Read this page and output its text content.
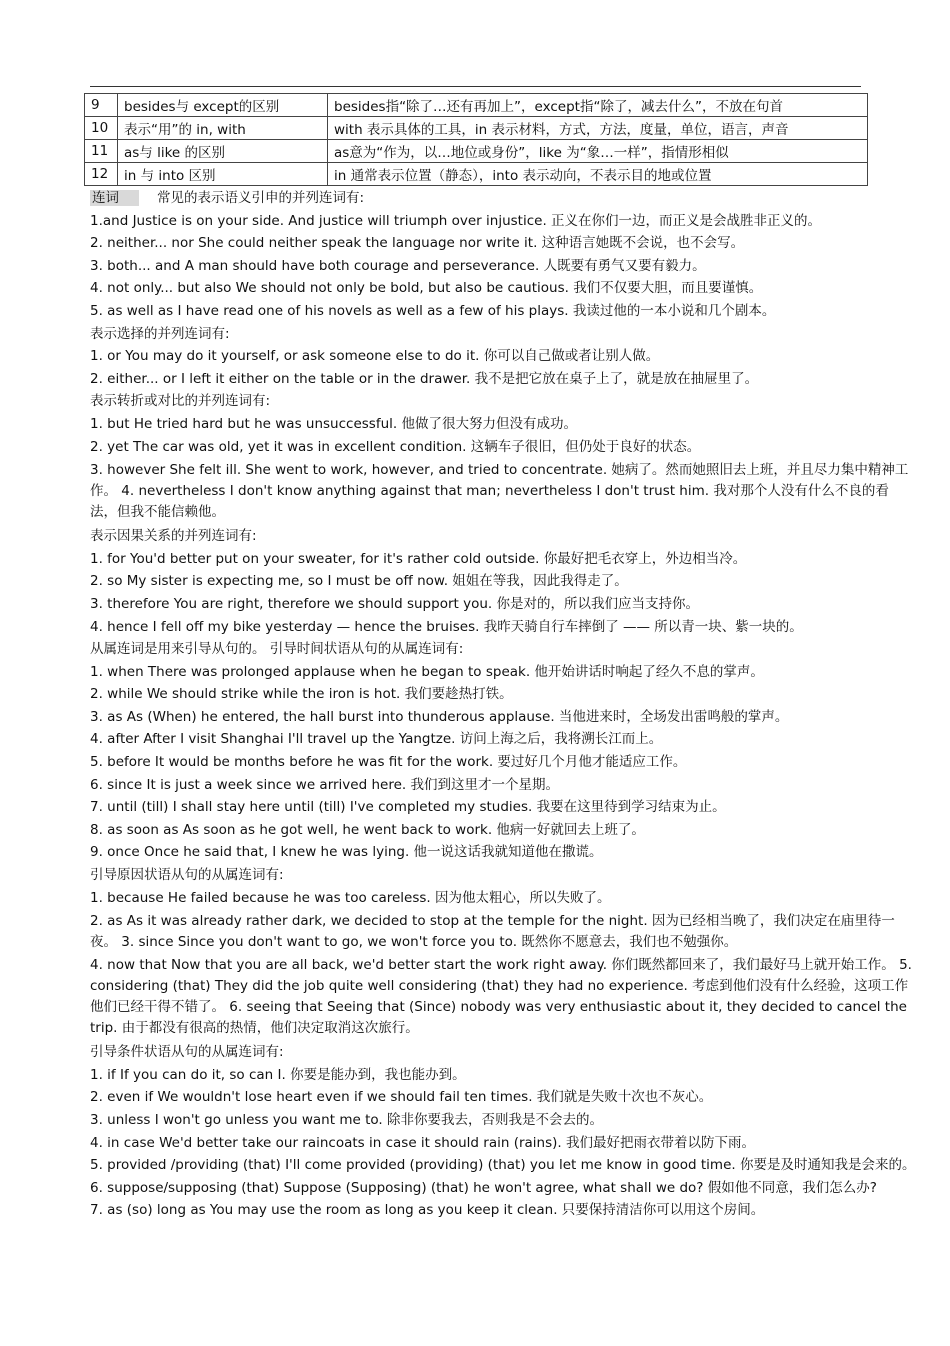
9	besides与 except的区别	besides指“除了…还有再加上”，except指“除了，减去什么”，不放在句首
10	表示“用”的 in, with	with 表示具体的工具，in 表示材料，方式，方法，度量，单位，语言，声音
11	as与 like 的区别	as意为“作为，以…地位或身份”，like 为“象…一样”，指情形相似
12	in 与 into 区别	in 通常表示位置（静态），into 表示动向，不表示目的地或位置
连词	常见的表示语义引申的并列连词有:
1.and Justice is on your side. And justice will triumph over injustice. 正义在你们一边，而正义是会战胜非正义的。
2. neither... nor She could neither speak the language nor write it. 这种语言她既不会说，也不会写。
3. both... and A man should have both courage and perseverance. 人既要有勇气又要有毅力。
4. not only... but also We should not only be bold, but also be cautious. 我们不仅要大胆，而且要谨慎。
5. as well as I have read one of his novels as well as a few of his plays. 我读过他的一本小说和几个剧本。
表示选择的并列连词有:
1. or You may do it yourself, or ask someone else to do it. 你可以自己做或者让别人做。
2. either... or I left it either on the table or in the drawer. 我不是把它放在桌子上了，就是放在抽屉里了。
表示转折或对比的并列连词有:
1. but He tried hard but he was unsuccessful. 他做了很大努力但没有成功。
2. yet The car was old, yet it was in excellent condition. 这辆车子很旧，但仍处于良好的状态。
3. however She felt ill. She went to work, however, and tried to concentrate. 她病了。然而她照旧去上班，并且尽力集中精神工作。 4. nevertheless I don't know anything against that man; nevertheless I don't trust him. 我对那个人没有什么不良的看法，但我不能信赖他。
表示因果关系的并列连词有:
1. for You'd better put on your sweater, for it's rather cold outside. 你最好把毛衣穿上，外边相当冷。
2. so My sister is expecting me, so I must be off now. 姐姐在等我，因此我得走了。
3. therefore You are right, therefore we should support you. 你是对的，所以我们应当支持你。
4. hence I fell off my bike yesterday — hence the bruises. 我昨天骑自行车摔倒了 —— 所以青一块、紫一块的。
从属连词是用来引导从句的。 引导时间状语从句的从属连词有:
1. when There was prolonged applause when he began to speak. 他开始讲话时响起了经久不息的掌声。
2. while We should strike while the iron is hot. 我们要趁热打铁。
3. as As (When) he entered, the hall burst into thunderous applause. 当他进来时，全场发出雷鸣般的掌声。
4. after After I visit Shanghai I'll travel up the Yangtze. 访问上海之后，我将溯长江而上。
5. before It would be months before he was fit for the work. 要过好几个月他才能适应工作。
6. since It is just a week since we arrived here. 我们到这里才一个星期。
7. until (till) I shall stay here until (till) I've completed my studies. 我要在这里待到学习结束为止。
8. as soon as As soon as he got well, he went back to work. 他病一好就回去上班了。
9. once Once he said that, I knew he was lying. 他一说这话我就知道他在撒谎。
引导原因状语从句的从属连词有:
1. because He failed because he was too careless. 因为他太粗心，所以失败了。
2. as As it was already rather dark, we decided to stop at the temple for the night. 因为已经相当晚了，我们决定在庙里待一夜。 3. since Since you don't want to go, we won't force you to. 既然你不愿意去，我们也不勉强你。
4. now that Now that you are all back, we'd better start the work right away. 你们既然都回来了，我们最好马上就开始工作。 5. considering (that) They did the job quite well considering (that) they had no experience. 考虑到他们没有什么经验，这项工作他们已经干得不错了。 6. seeing that Seeing that (Since) nobody was very enthusiastic about it, they decided to cancel the trip. 由于都没有很高的热情，他们决定取消这次旅行。
引导条件状语从句的从属连词有:
1. if If you can do it, so can I. 你要是能办到，我也能办到。
2. even if We wouldn't lose heart even if we should fail ten times. 我们就是失败十次也不灰心。
3. unless I won't go unless you want me to. 除非你要我去，否则我是不会去的。
4. in case We'd better take our raincoats in case it should rain (rains). 我们最好把雨衣带着以防下雨。
5. provided /providing (that) I'll come provided (providing) (that) you let me know in good time. 你要是及时通知我是会来的。
6. suppose/supposing (that) Suppose (Supposing) (that) he won't agree, what shall we do? 假如他不同意，我们怎么办?
7. as (so) long as You may use the room as long as you keep it clean. 只要保持清洁你可以用这个房间。
